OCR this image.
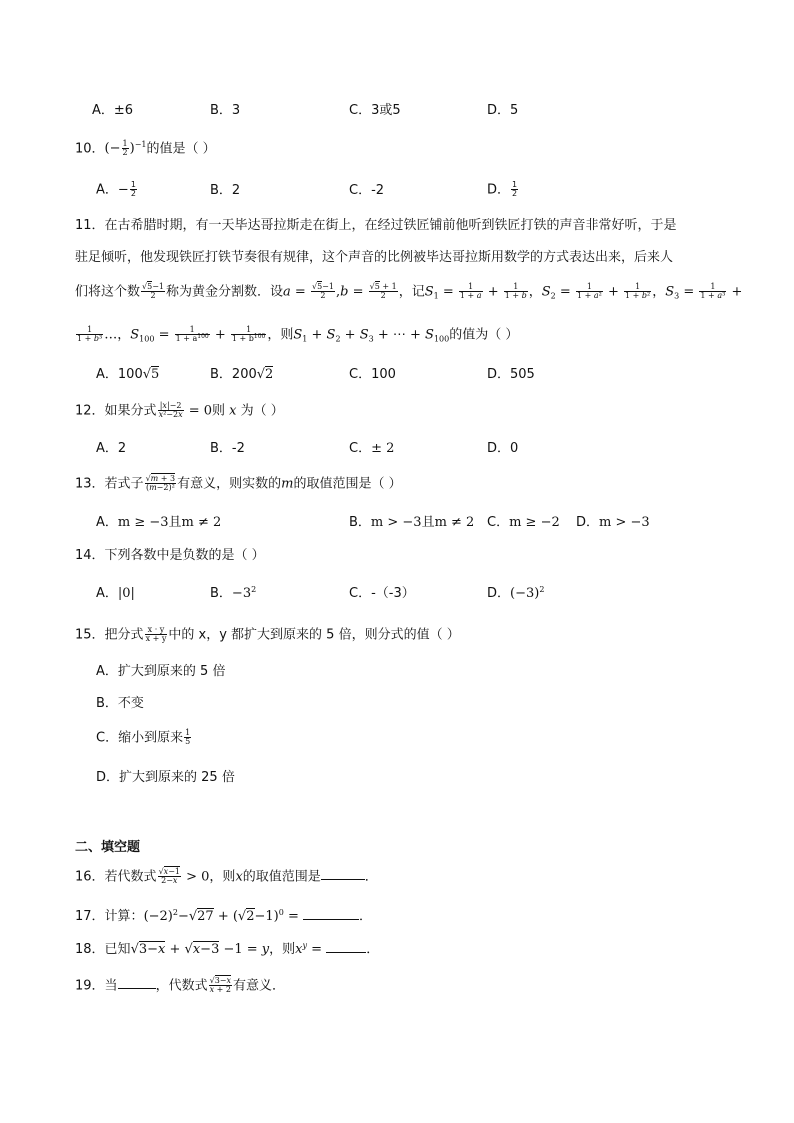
A．±6	B．3	C．3或5	D．5
10．(− $\frac{1}{2} )^{-1}$的值是（ ）
A．− $\frac{1}{2}$	B．2	C．-2	D． $\frac{1}{2}$
11．在古希腊时期，有一天毕达哥拉斯走在街上，在经过铁匠铺前他听到铁匠打铁的声音非常好听，于是
驻足倾听，他发现铁匠打铁节奏很有规律，这个声音的比例被毕达哥拉斯用数学的方式表达出来，后来人
们将这个数 $\frac{√5-1}{2}$ 称为黄金分割数．设$a = \frac{√5-1}{2} ,b = \frac{√5 + 1}{2}$ ，记$S_1 = \frac{1}{1 + a} + \frac{1}{1 + b}$ ，$S_2 = \frac{1}{\text{1 + a²}} + \frac{1}{\text{1 + b²}}$ ，$S_3 = \frac{1}{\text{1 + a³}}$ +
$\frac{1}{\text{1 + b³}}$ …，$S_{100} = \frac{1}{1 + a^{100}} + \frac{1}{1 + b^{100}}$ ，则$S_1 + S_2 + S_3$ + ⋯ + $S_{100}$的值为（ ）
A．100√5	B．200√2	C．100	D．505
12．如果分式 $\frac{|x|-2}{\text{x²−2x}} = 0$则 x 为（ ）
A．2	B．-2	C．± 2	D．0
13．若式子 $\frac{√m + 3}{\text{(m−2)²}}$ 有意义，则实数的m的取值范围是（ ）
A．m ≥ −3且m ≠ 2	B．m > −3且m ≠ 2 C．m ≥ −2 D．m > −3
14．下列各数中是负数的是（ ）
A．|0|	B．$-3^2$	C．-（-3）	D．$(-3)^2$
15．把分式 $\frac{x \cdot y}{x + y}$ 中的 x，y 都扩大到原来的 5 倍，则分式的值（ ）
A．扩大到原来的 5 倍
B．不变
C．缩小到原来 $\frac{1}{5}$
D．扩大到原来的 25 倍
二、填空题
16．若代数式 $\frac{√x-1}{2-x} > 0$，则x的取值范围是	．
17．计算：$(-2)^2-√27 + (√2-1)^0$ =	．
18．已知√3−x + √x−3 −1 = y，则$x^y$ =	．
19．当	，代数式 $\frac{√3-x}{x + 2}$ 有意义．
